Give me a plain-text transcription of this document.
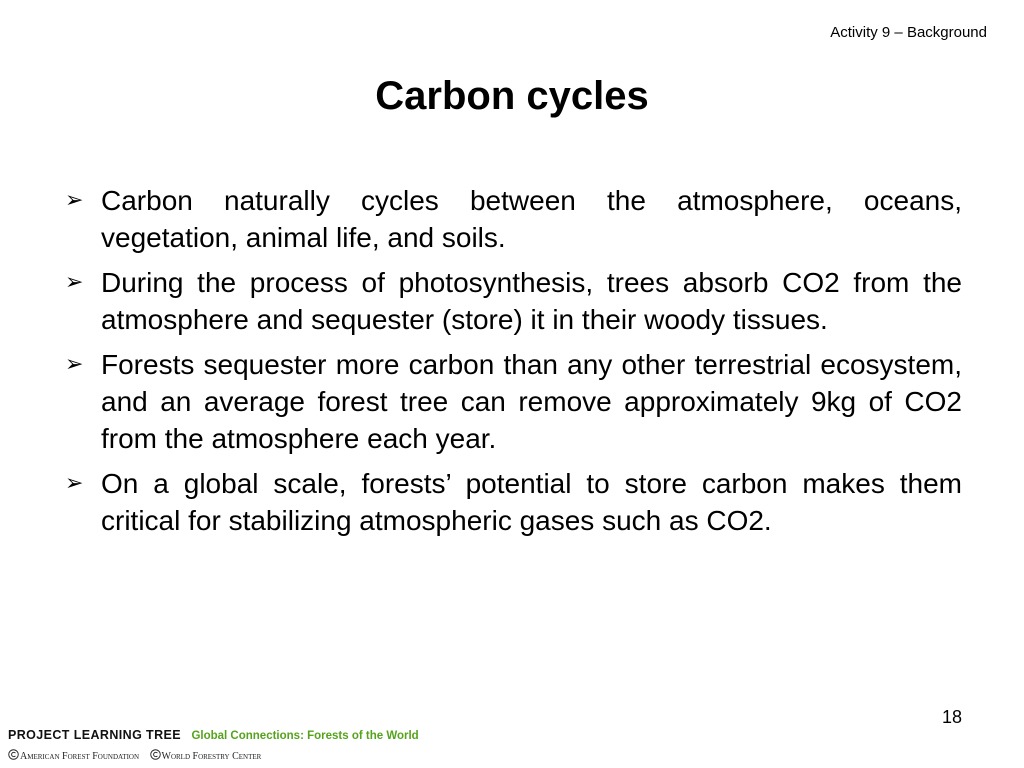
Activity 9 – Background
Carbon cycles
➢ Carbon naturally cycles between the atmosphere, oceans, vegetation, animal life, and soils.
➢ During the process of photosynthesis, trees absorb CO2 from the atmosphere and sequester (store) it in their woody tissues.
➢ Forests sequester more carbon than any other terrestrial ecosystem, and an average forest tree can remove approximately 9kg of CO2 from the atmosphere each year.
➢ On a global scale, forests’ potential to store carbon makes them critical for stabilizing atmospheric gases such as CO2.
18
PROJECT LEARNING TREE Global Connections: Forests of the World
American Forest Foundation World Forestry Center
